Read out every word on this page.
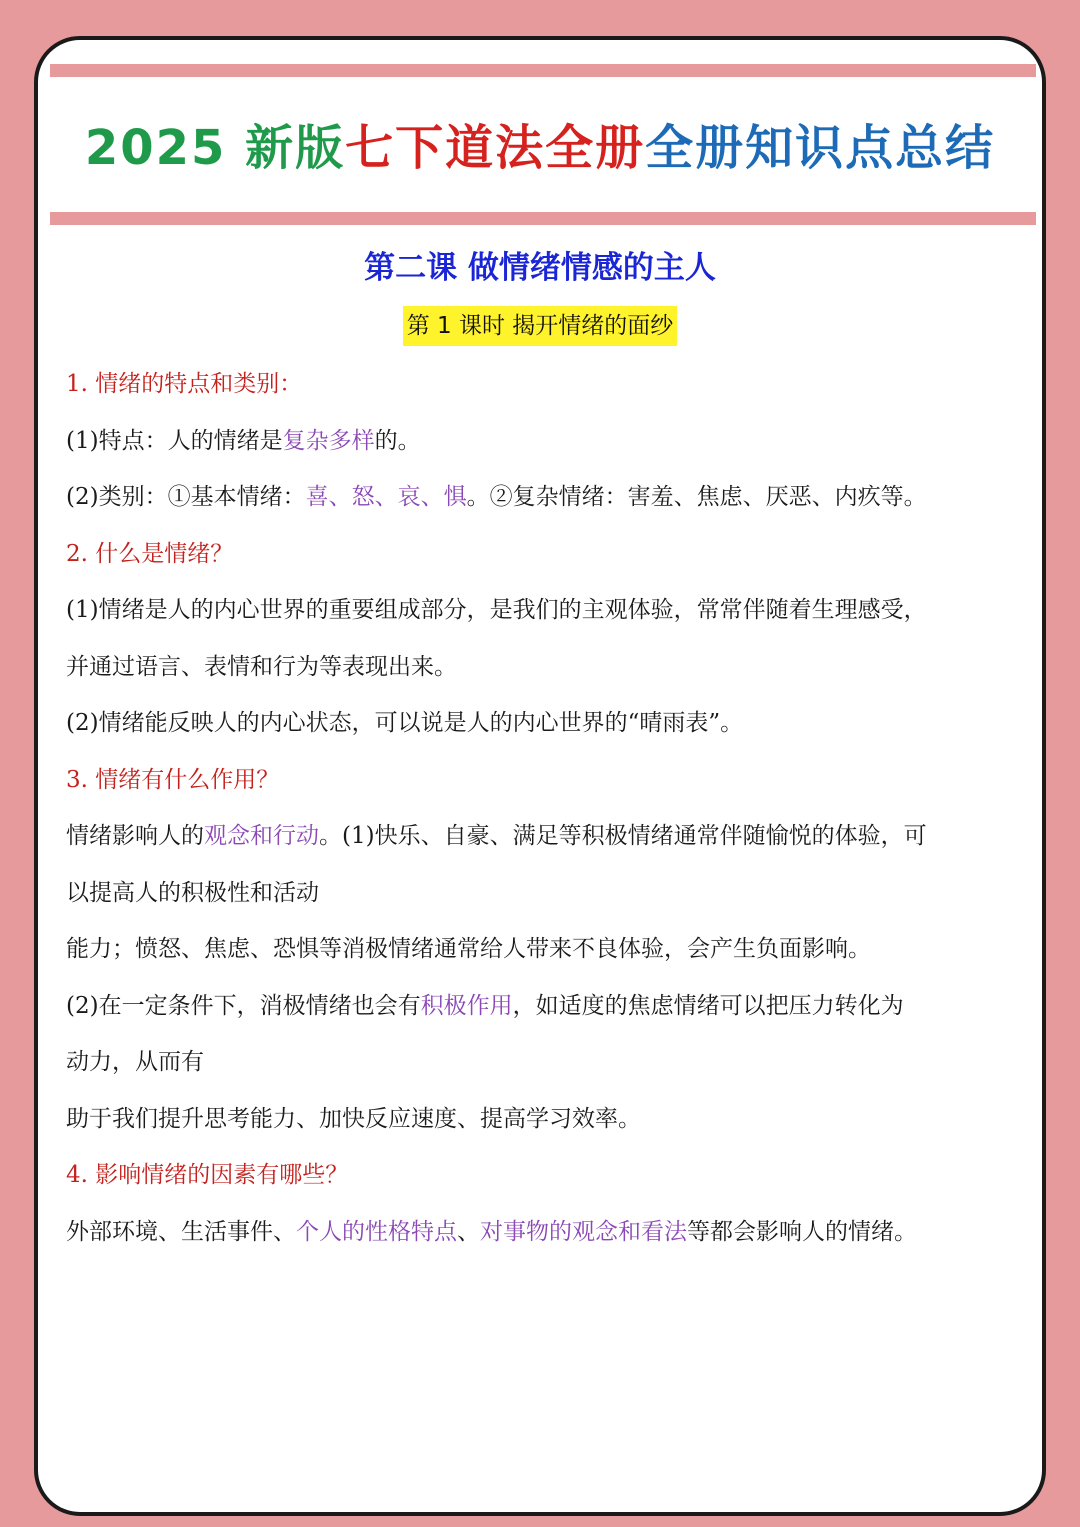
2025 新版七下道法全册全册知识点总结
第二课 做情绪情感的主人
第 1 课时 揭开情绪的面纱
1. 情绪的特点和类别：
(1)特点：人的情绪是复杂多样的。
(2)类别：①基本情绪：喜、怒、哀、惧。②复杂情绪：害羞、焦虑、厌恶、内疚等。
2. 什么是情绪？
(1)情绪是人的内心世界的重要组成部分，是我们的主观体验，常常伴随着生理感受，
并通过语言、表情和行为等表现出来。
(2)情绪能反映人的内心状态，可以说是人的内心世界的“晴雨表”。
3. 情绪有什么作用？
情绪影响人的观念和行动。(1)快乐、自豪、满足等积极情绪通常伴随愉悦的体验，可
以提高人的积极性和活动
能力；愤怒、焦虑、恐惧等消极情绪通常给人带来不良体验，会产生负面影响。
(2)在一定条件下，消极情绪也会有积极作用，如适度的焦虑情绪可以把压力转化为
动力，从而有
助于我们提升思考能力、加快反应速度、提高学习效率。
4. 影响情绪的因素有哪些？
外部环境、生活事件、个人的性格特点、对事物的观念和看法等都会影响人的情绪。
